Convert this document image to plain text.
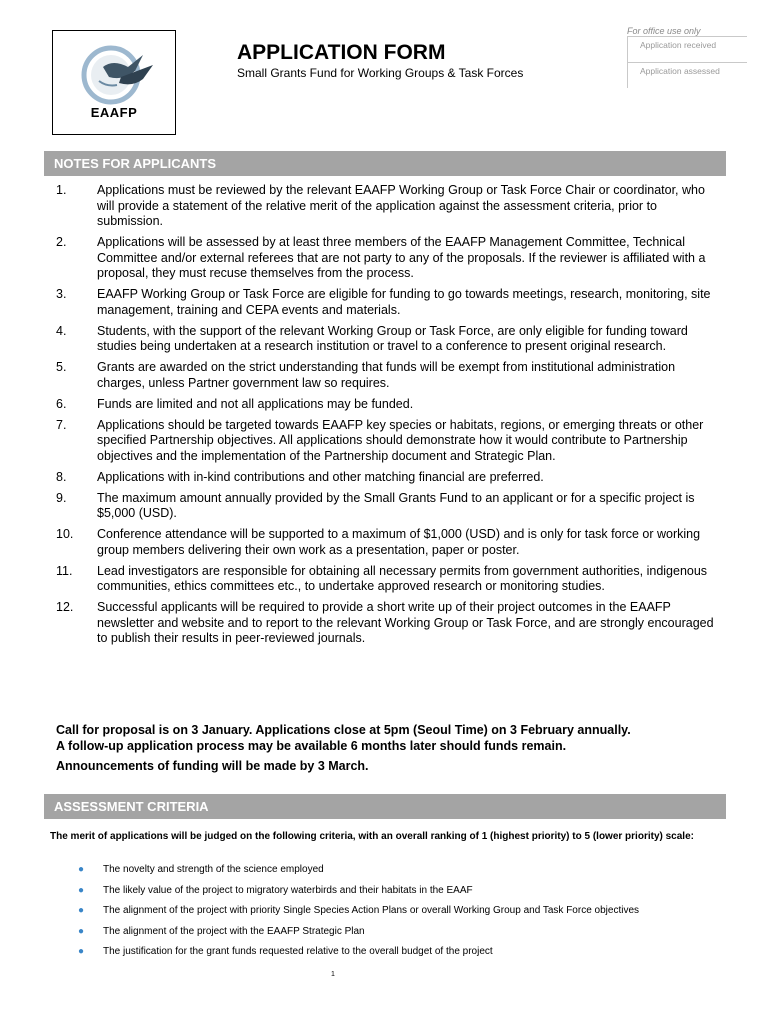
EAAFP
APPLICATION FORM
Small Grants Fund for Working Groups & Task Forces
For office use only
Application received
Application assessed
NOTES FOR APPLICANTS
1. Applications must be reviewed by the relevant EAAFP Working Group or Task Force Chair or coordinator, who will provide a statement of the relative merit of the application against the assessment criteria, prior to submission.
2. Applications will be assessed by at least three members of the EAAFP Management Committee, Technical Committee and/or external referees that are not party to any of the proposals. If the reviewer is affiliated with a proposal, they must recuse themselves from the process.
3. EAAFP Working Group or Task Force are eligible for funding to go towards meetings, research, monitoring, site management, training and CEPA events and materials.
4. Students, with the support of the relevant Working Group or Task Force, are only eligible for funding toward studies being undertaken at a research institution or travel to a conference to present original research.
5. Grants are awarded on the strict understanding that funds will be exempt from institutional administration charges, unless Partner government law so requires.
6. Funds are limited and not all applications may be funded.
7. Applications should be targeted towards EAAFP key species or habitats, regions, or emerging threats or other specified Partnership objectives. All applications should demonstrate how it would contribute to Partnership objectives and the implementation of the Partnership document and Strategic Plan.
8. Applications with in-kind contributions and other matching financial are preferred.
9. The maximum amount annually provided by the Small Grants Fund to an applicant or for a specific project is $5,000 (USD).
10. Conference attendance will be supported to a maximum of $1,000 (USD) and is only for task force or working group members delivering their own work as a presentation, paper or poster.
11. Lead investigators are responsible for obtaining all necessary permits from government authorities, indigenous communities, ethics committees etc., to undertake approved research or monitoring studies.
12. Successful applicants will be required to provide a short write up of their project outcomes in the EAAFP newsletter and website and to report to the relevant Working Group or Task Force, and are strongly encouraged to publish their results in peer-reviewed journals.

Call for proposal is on 3 January. Applications close at 5pm (Seoul Time) on 3 February annually.

A follow-up application process may be available 6 months later should funds remain.

Announcements of funding will be made by 3 March.

ASSESSMENT CRITERIA
The merit of applications will be judged on the following criteria, with an overall ranking of 1 (highest priority) to 5 (lower priority) scale:
● The novelty and strength of the science employed
● The likely value of the project to migratory waterbirds and their habitats in the EAAF
● The alignment of the project with priority Single Species Action Plans or overall Working Group and Task Force objectives
● The alignment of the project with the EAAFP Strategic Plan
● The justification for the grant funds requested relative to the overall budget of the project
1
